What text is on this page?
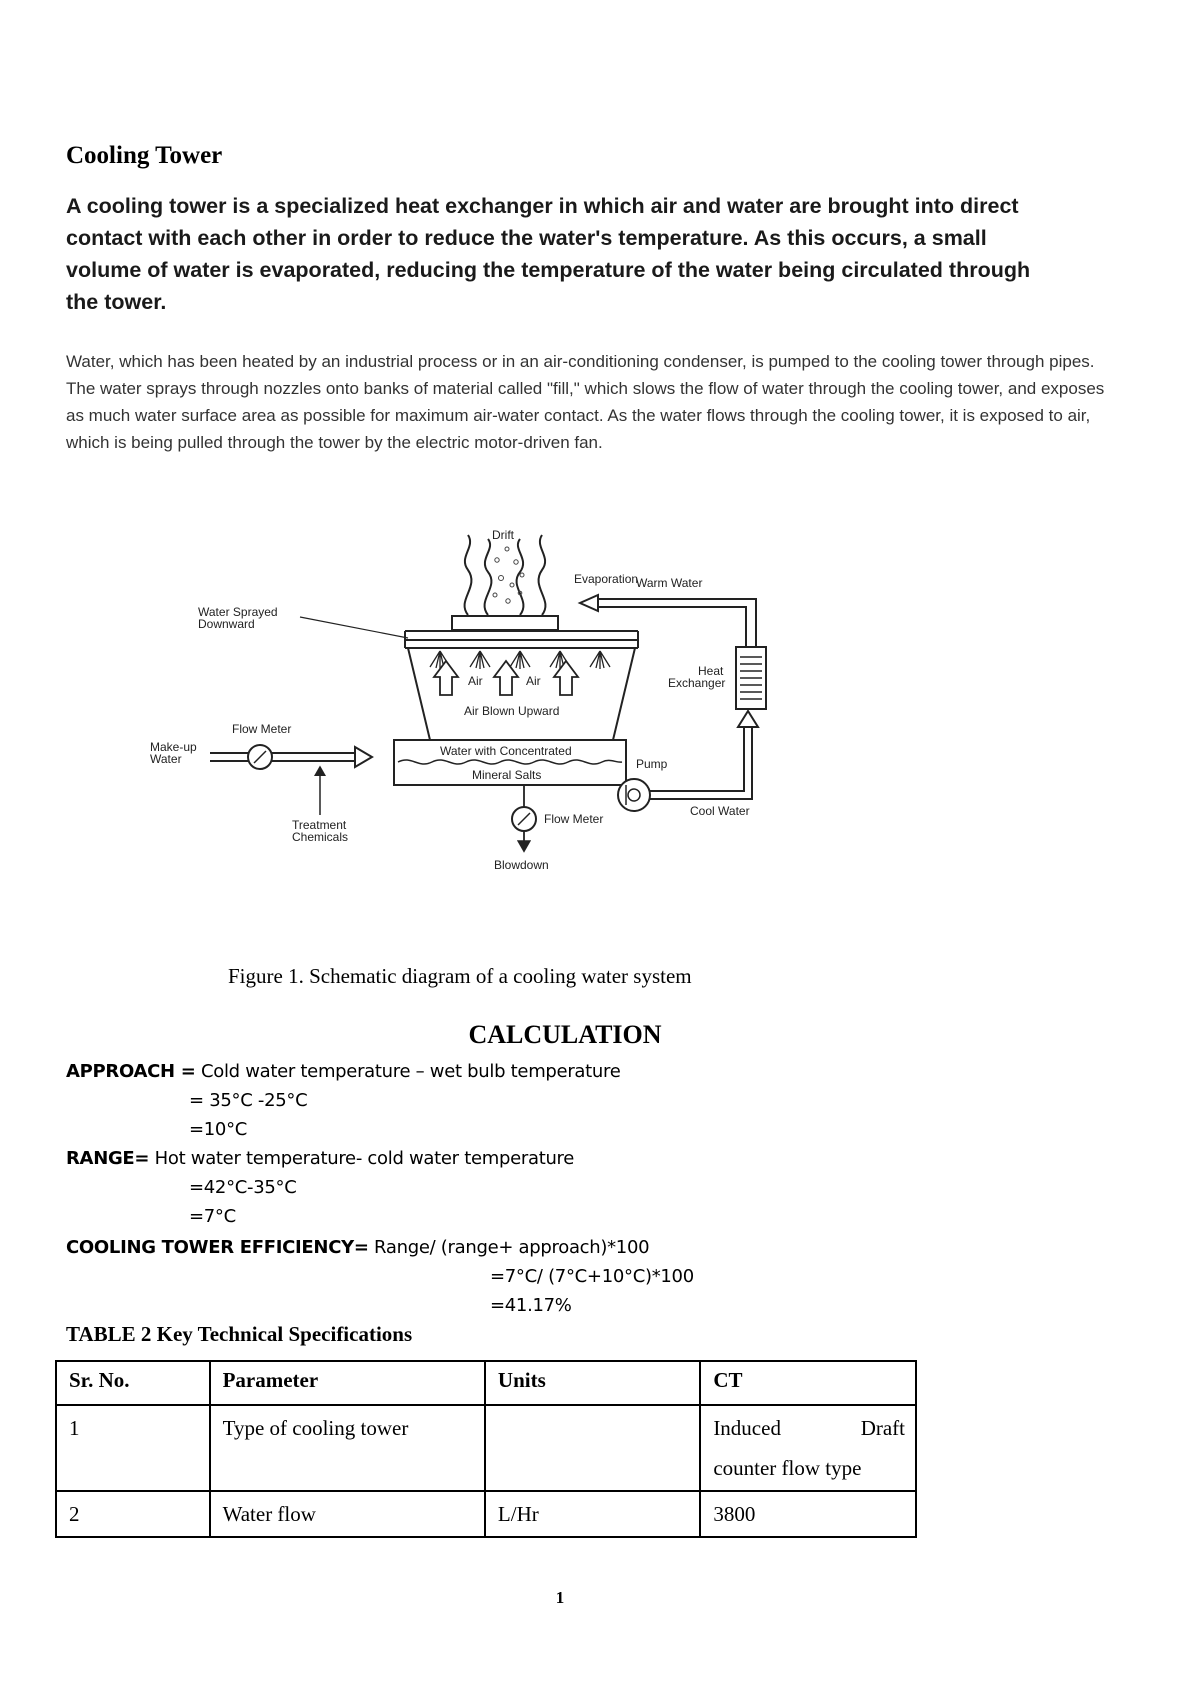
Cooling Tower
A cooling tower is a specialized heat exchanger in which air and water are brought into direct contact with each other in order to reduce the water's temperature. As this occurs, a small volume of water is evaporated, reducing the temperature of the water being circulated through the tower.
Water, which has been heated by an industrial process or in an air-conditioning condenser, is pumped to the cooling tower through pipes. The water sprays through nozzles onto banks of material called "fill," which slows the flow of water through the cooling tower, and exposes as much water surface area as possible for maximum air-water contact. As the water flows through the cooling tower, it is exposed to air, which is being pulled through the tower by the electric motor-driven fan.
Drift
Evaporation
Water Sprayed
Downward
Air	Air
Air Blown Upward
Water with Concentrated
Mineral Salts
Make-up
Water
Flow Meter
Treatment
Chemicals
Flow Meter
Blowdown
Pump
Cool Water
Heat
Exchanger
Warm Water
Figure 1. Schematic diagram of a cooling water system
CALCULATION
APPROACH = Cold water temperature – wet bulb temperature
= 35°C -25°C
=10°C
RANGE= Hot water temperature- cold water temperature
=42°C-35°C
=7°C
COOLING TOWER EFFICIENCY= Range/ (range+ approach)*100
=7°C/ (7°C+10°C)*100
=41.17%
TABLE 2 Key Technical Specifications
Sr. No.	Parameter	Units	CT
1	Type of cooling tower		Induced Draft
counter flow type

2	Water flow	L/Hr	3800
1
